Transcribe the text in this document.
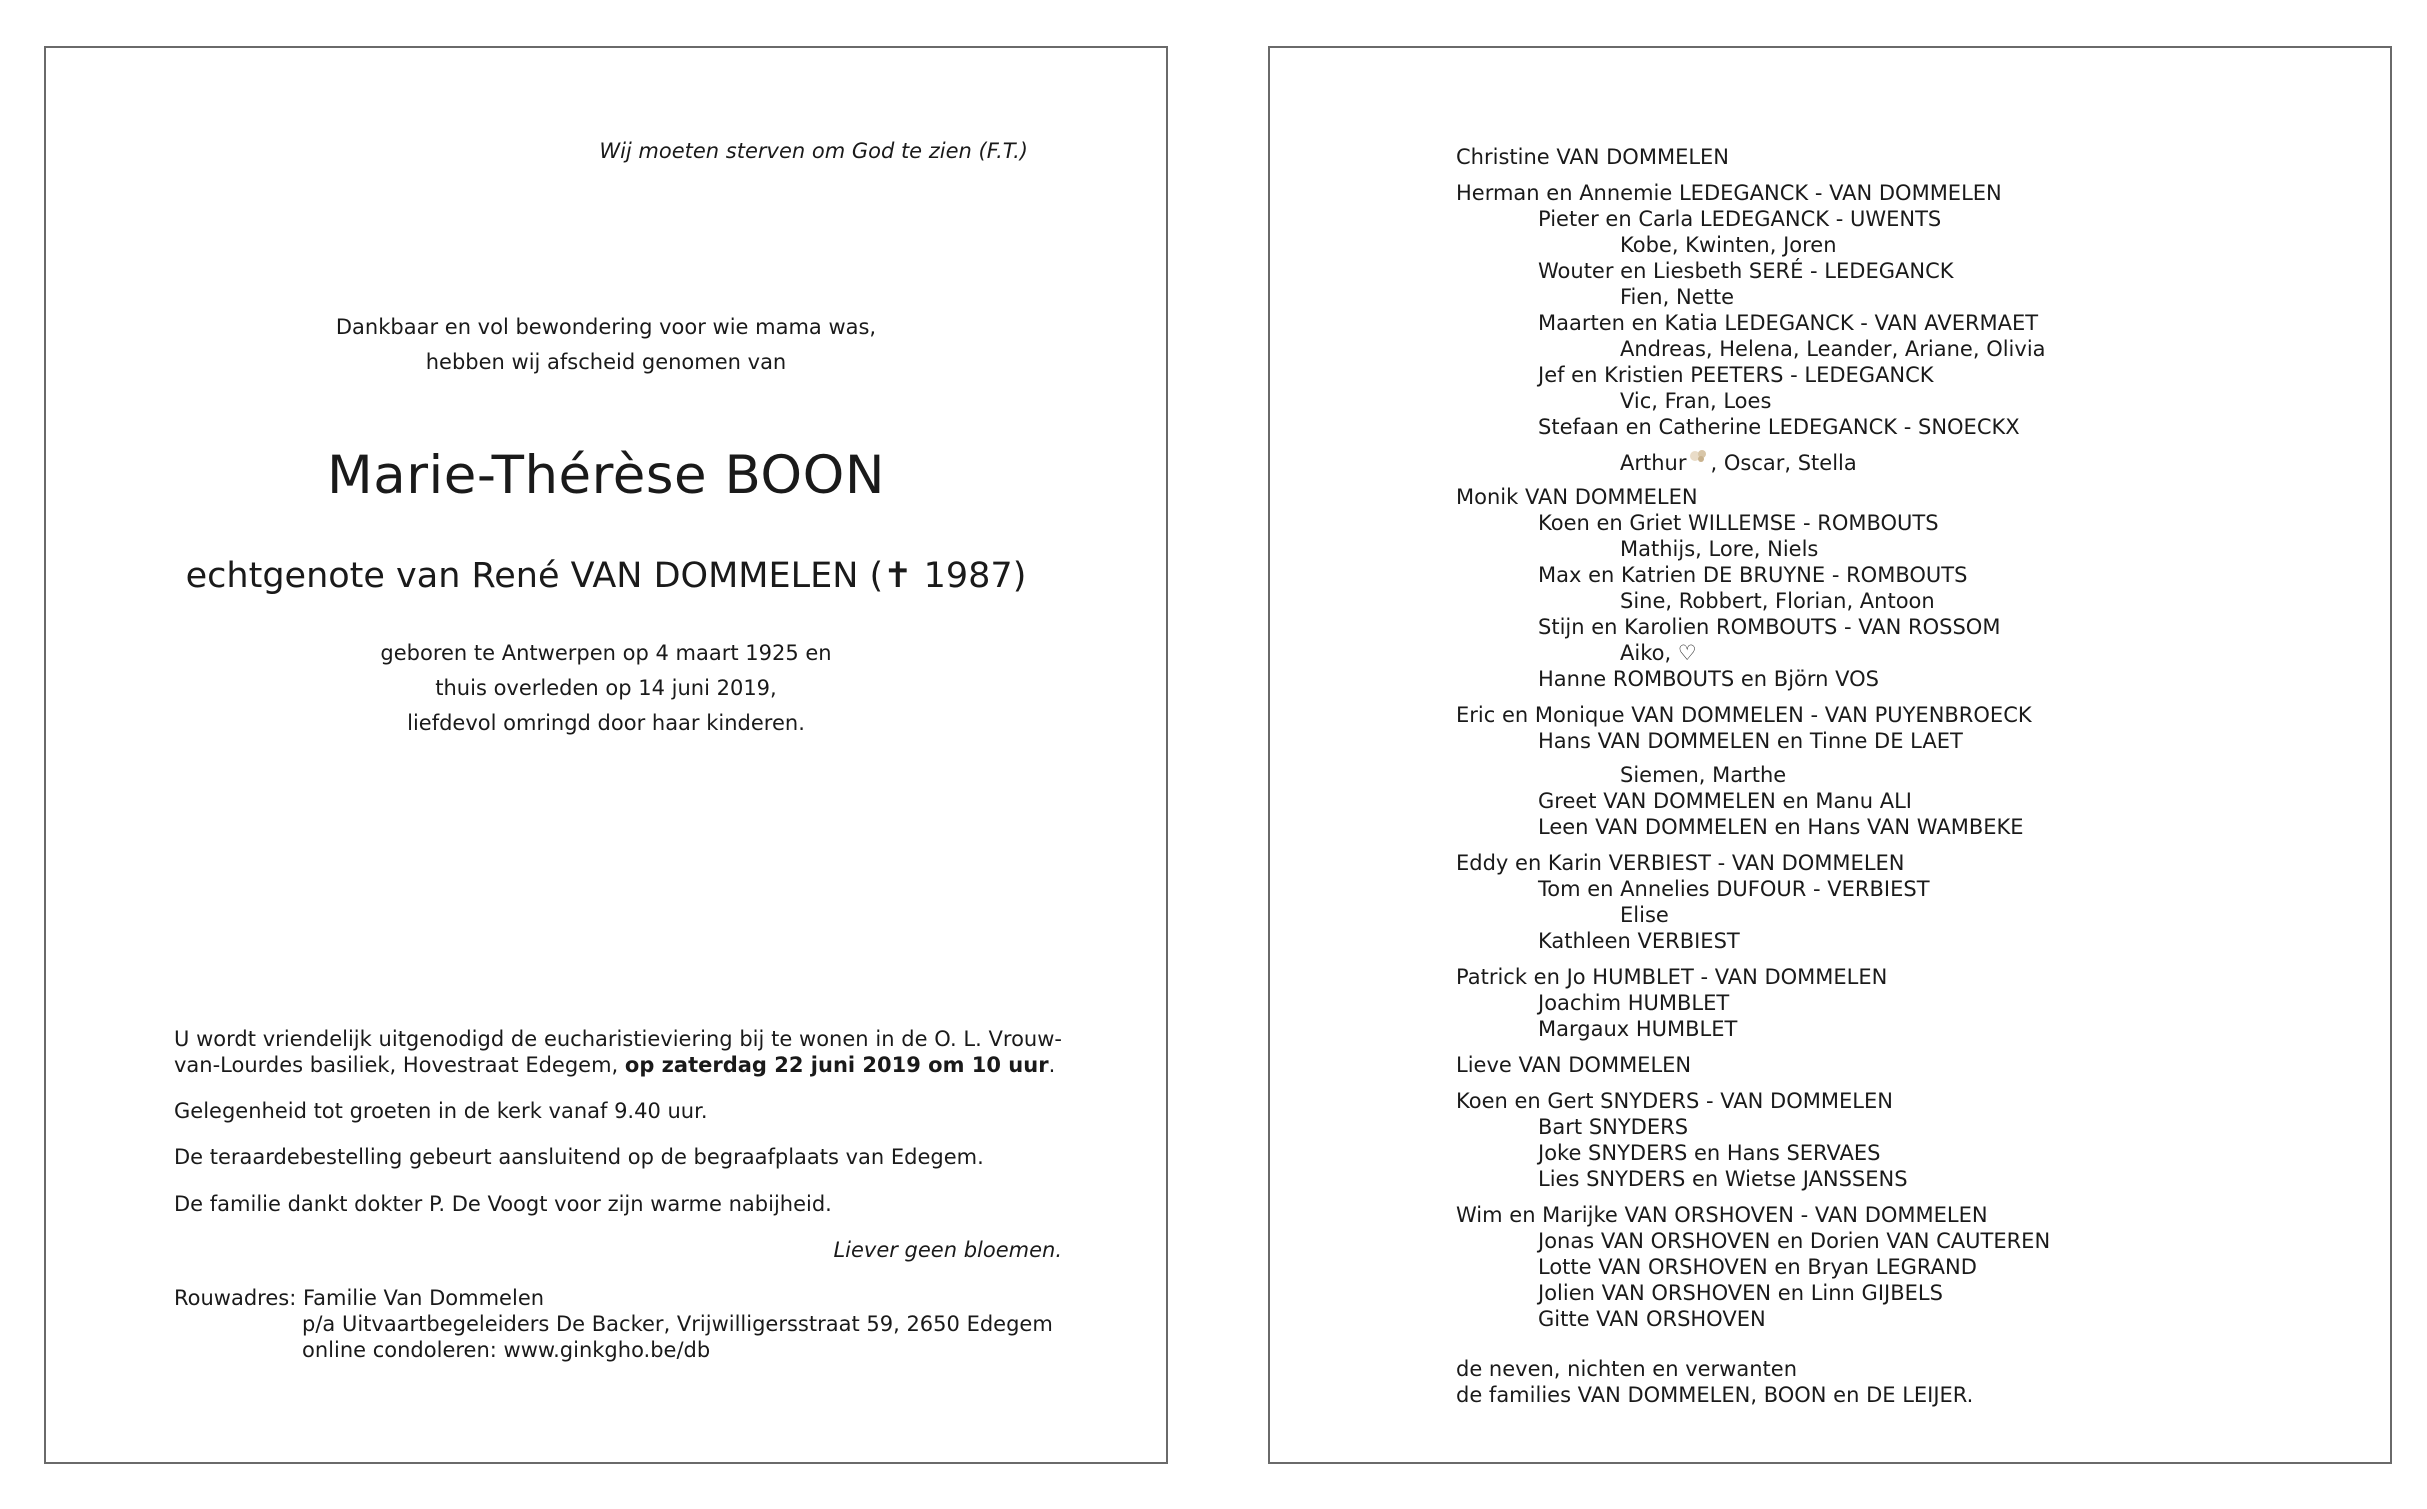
Wij moeten sterven om God te zien (F.T.)
Dankbaar en vol bewondering voor wie mama was,
hebben wij afscheid genomen van
Marie-Thérèse BOON
echtgenote van René VAN DOMMELEN (✝ 1987)
geboren te Antwerpen op 4 maart 1925 en
thuis overleden op 14 juni 2019,
liefdevol omringd door haar kinderen.
U wordt vriendelijk uitgenodigd de eucharistieviering bij te wonen in de O. L. Vrouw-van-Lourdes basiliek, Hovestraat Edegem, op zaterdag 22 juni 2019 om 10 uur.
Gelegenheid tot groeten in de kerk vanaf 9.40 uur.
De teraardebestelling gebeurt aansluitend op de begraafplaats van Edegem.
De familie dankt dokter P. De Voogt voor zijn warme nabijheid.
Liever geen bloemen.
Rouwadres: Familie Van Dommelen
p/a Uitvaartbegeleiders De Backer, Vrijwilligersstraat 59, 2650 Edegem
online condoleren: www.ginkgho.be/db
Christine VAN DOMMELEN
Herman en Annemie LEDEGANCK - VAN DOMMELEN
Pieter en Carla LEDEGANCK - UWENTS
Kobe, Kwinten, Joren
Wouter en Liesbeth SERÉ - LEDEGANCK
Fien, Nette
Maarten en Katia LEDEGANCK - VAN AVERMAET
Andreas, Helena, Leander, Ariane, Olivia
Jef en Kristien PEETERS - LEDEGANCK
Vic, Fran, Loes
Stefaan en Catherine LEDEGANCK - SNOECKX
Arthur , Oscar, Stella
Monik VAN DOMMELEN
Koen en Griet WILLEMSE - ROMBOUTS
Mathijs, Lore, Niels
Max en Katrien DE BRUYNE - ROMBOUTS
Sine, Robbert, Florian, Antoon
Stijn en Karolien ROMBOUTS - VAN ROSSOM
Aiko, ♡
Hanne ROMBOUTS en Björn VOS
Eric en Monique VAN DOMMELEN - VAN PUYENBROECK
Hans VAN DOMMELEN en Tinne DE LAET
Siemen, Marthe
Greet VAN DOMMELEN en Manu ALI
Leen VAN DOMMELEN en Hans VAN WAMBEKE
Eddy en Karin VERBIEST - VAN DOMMELEN
Tom en Annelies DUFOUR - VERBIEST
Elise
Kathleen VERBIEST
Patrick en Jo HUMBLET - VAN DOMMELEN
Joachim HUMBLET
Margaux HUMBLET
Lieve VAN DOMMELEN
Koen en Gert SNYDERS - VAN DOMMELEN
Bart SNYDERS
Joke SNYDERS en Hans SERVAES
Lies SNYDERS en Wietse JANSSENS
Wim en Marijke VAN ORSHOVEN - VAN DOMMELEN
Jonas VAN ORSHOVEN en Dorien VAN CAUTEREN
Lotte VAN ORSHOVEN en Bryan LEGRAND
Jolien VAN ORSHOVEN en Linn GIJBELS
Gitte VAN ORSHOVEN
de neven, nichten en verwanten
de families VAN DOMMELEN, BOON en DE LEIJER.
